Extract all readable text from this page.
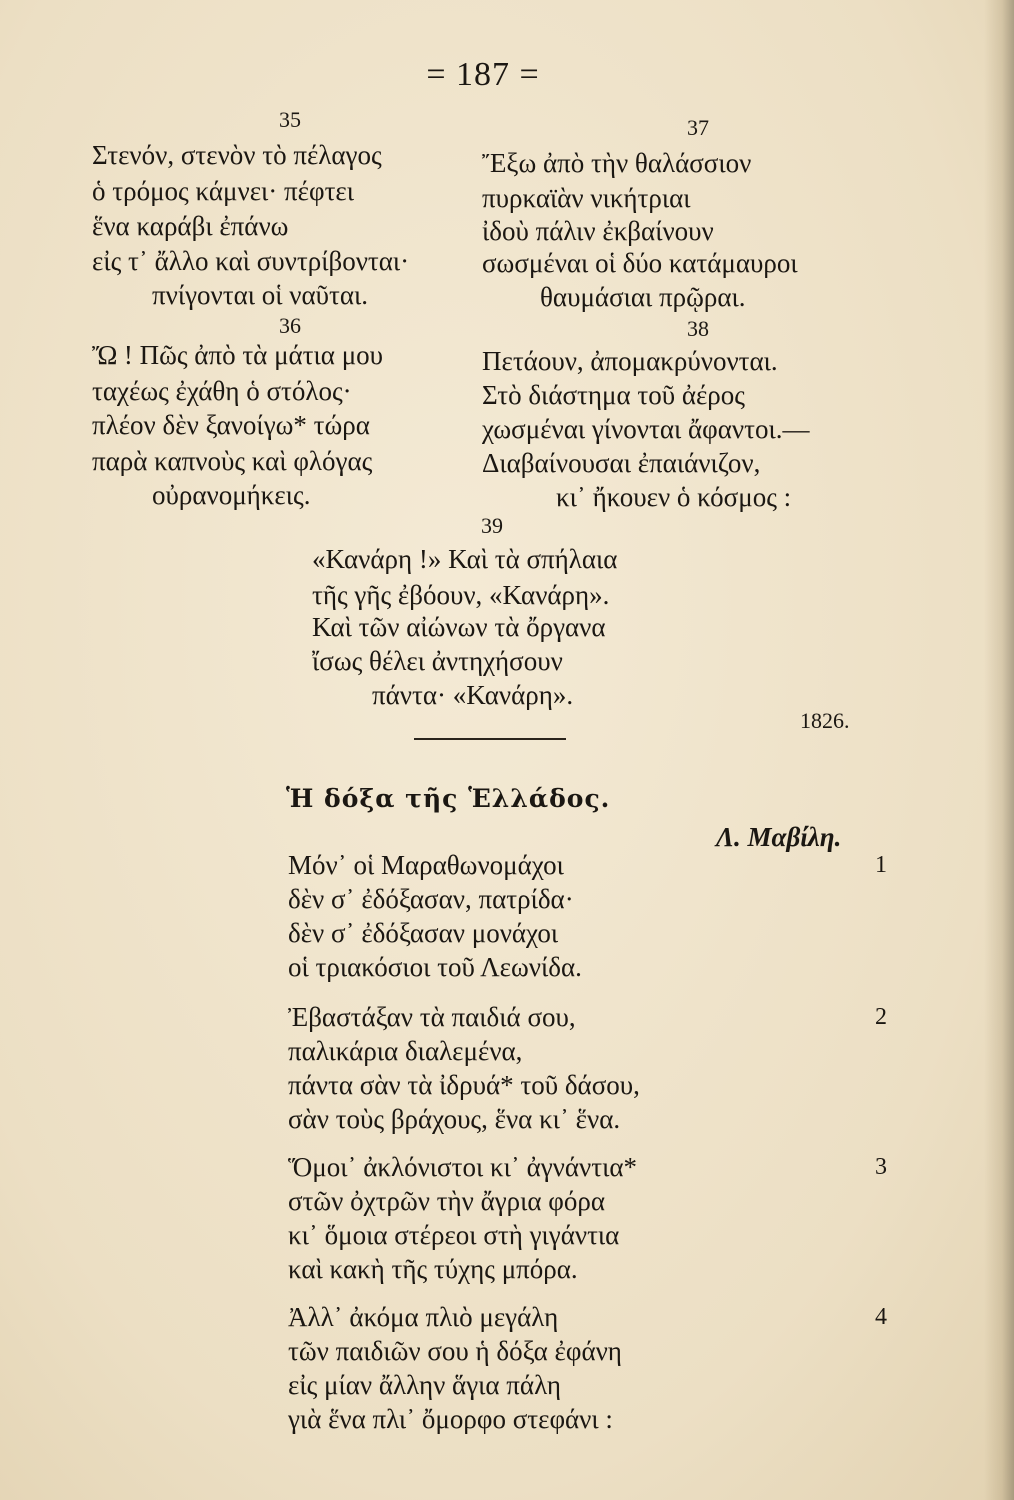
= 187 =
35
Στενόν, στενὸν τὸ πέλαγος
ὁ τρόμος κάμνει· πέφτει
ἕνα καράβι ἐπάνω
εἰς τ᾿ ἄλλο καὶ συντρίβονται·
πνίγονται οἱ ναῦται.
36
Ὤ ! Πῶς ἀπὸ τὰ μάτια μου
ταχέως ἐχάθη ὁ στόλος·
πλέον δὲν ξανοίγω* τώρα
παρὰ καπνοὺς καὶ φλόγας
οὐρανομήκεις.
37
Ἔξω ἀπὸ τὴν θαλάσσιον
πυρκαϊὰν νικήτριαι
ἰδοὺ πάλιν ἐκβαίνουν
σωσμέναι οἱ δύο κατάμαυροι
θαυμάσιαι πρῷραι.
38
Πετάουν, ἀπομακρύνονται.
Στὸ διάστημα τοῦ ἀέρος
χωσμέναι γίνονται ἄφαντοι.—
Διαβαίνουσαι ἐπαιάνιζον,
κι᾿ ἤκουεν ὁ κόσμος :
39
«Κανάρη !» Καὶ τὰ σπήλαια
τῆς γῆς ἐβόουν, «Κανάρη».
Καὶ τῶν αἰώνων τὰ ὄργανα
ἴσως θέλει ἀντηχήσουν
πάντα· «Κανάρη».
1826.
Ἡ δόξα τῆς Ἑλλάδος.
Λ. Μαβίλη.
1
Μόν᾿ οἱ Μαραθωνομάχοι
δὲν σ᾿ ἐδόξασαν, πατρίδα·
δὲν σ᾿ ἐδόξασαν μονάχοι
οἱ τριακόσιοι τοῦ Λεωνίδα.
2
Ἐβαστάξαν τὰ παιδιά σου,
παλικάρια διαλεμένα,
πάντα σὰν τὰ ἰδρυά* τοῦ δάσου,
σὰν τοὺς βράχους, ἕνα κι᾿ ἕνα.
3
Ὅμοι᾿ ἀκλόνιστοι κι᾿ ἀγνάντια*
στῶν ὀχτρῶν τὴν ἄγρια φόρα
κι᾿ ὅμοια στέρεοι στὴ γιγάντια
καὶ κακὴ τῆς τύχης μπόρα.
4
Ἀλλ᾿ ἀκόμα πλιὸ μεγάλη
τῶν παιδιῶν σου ἡ δόξα ἐφάνη
εἰς μίαν ἄλλην ἅγια πάλη
γιὰ ἕνα πλι᾿ ὄμορφο στεφάνι :
